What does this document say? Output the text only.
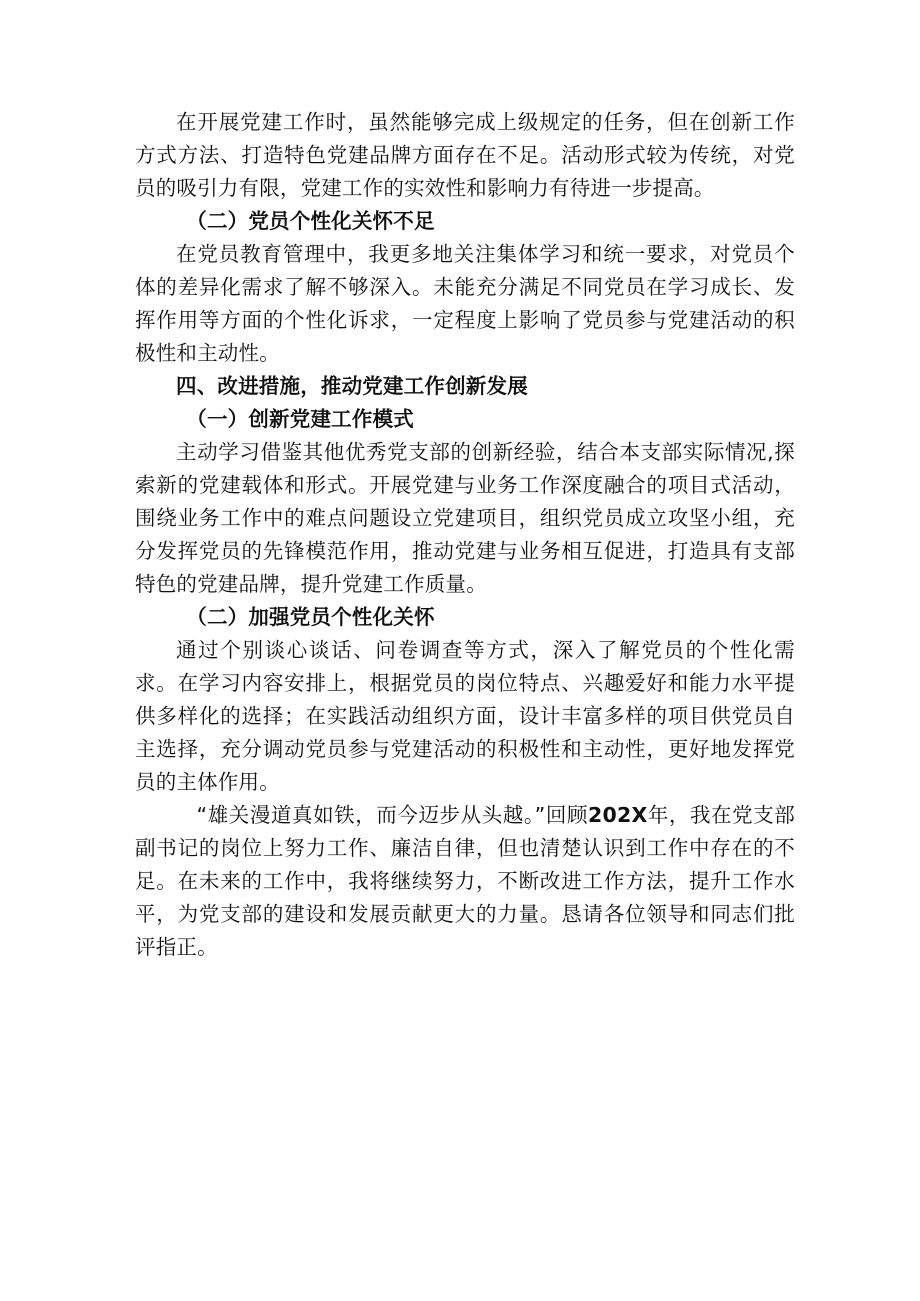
在开展党建工作时，虽然能够完成上级规定的任务，但在创新工作方式方法、打造特色党建品牌方面存在不足。活动形式较为传统，对党员的吸引力有限，党建工作的实效性和影响力有待进一步提高。

（二）党员个性化关怀不足

在党员教育管理中，我更多地关注集体学习和统一要求，对党员个体的差异化需求了解不够深入。未能充分满足不同党员在学习成长、发挥作用等方面的个性化诉求，一定程度上影响了党员参与党建活动的积极性和主动性。

四、改进措施，推动党建工作创新发展

（一）创新党建工作模式

主动学习借鉴其他优秀党支部的创新经验，结合本支部实际情况,探索新的党建载体和形式。开展党建与业务工作深度融合的项目式活动，围绕业务工作中的难点问题设立党建项目，组织党员成立攻坚小组，充分发挥党员的先锋模范作用，推动党建与业务相互促进，打造具有支部特色的党建品牌，提升党建工作质量。

（二）加强党员个性化关怀

通过个别谈心谈话、问卷调查等方式，深入了解党员的个性化需求。在学习内容安排上，根据党员的岗位特点、兴趣爱好和能力水平提供多样化的选择；在实践活动组织方面，设计丰富多样的项目供党员自主选择，充分调动党员参与党建活动的积极性和主动性，更好地发挥党员的主体作用。

“雄关漫道真如铁，而今迈步从头越。”回顾202X年，我在党支部副书记的岗位上努力工作、廉洁自律，但也清楚认识到工作中存在的不足。在未来的工作中，我将继续努力，不断改进工作方法，提升工作水平，为党支部的建设和发展贡献更大的力量。恳请各位领导和同志们批评指正。
